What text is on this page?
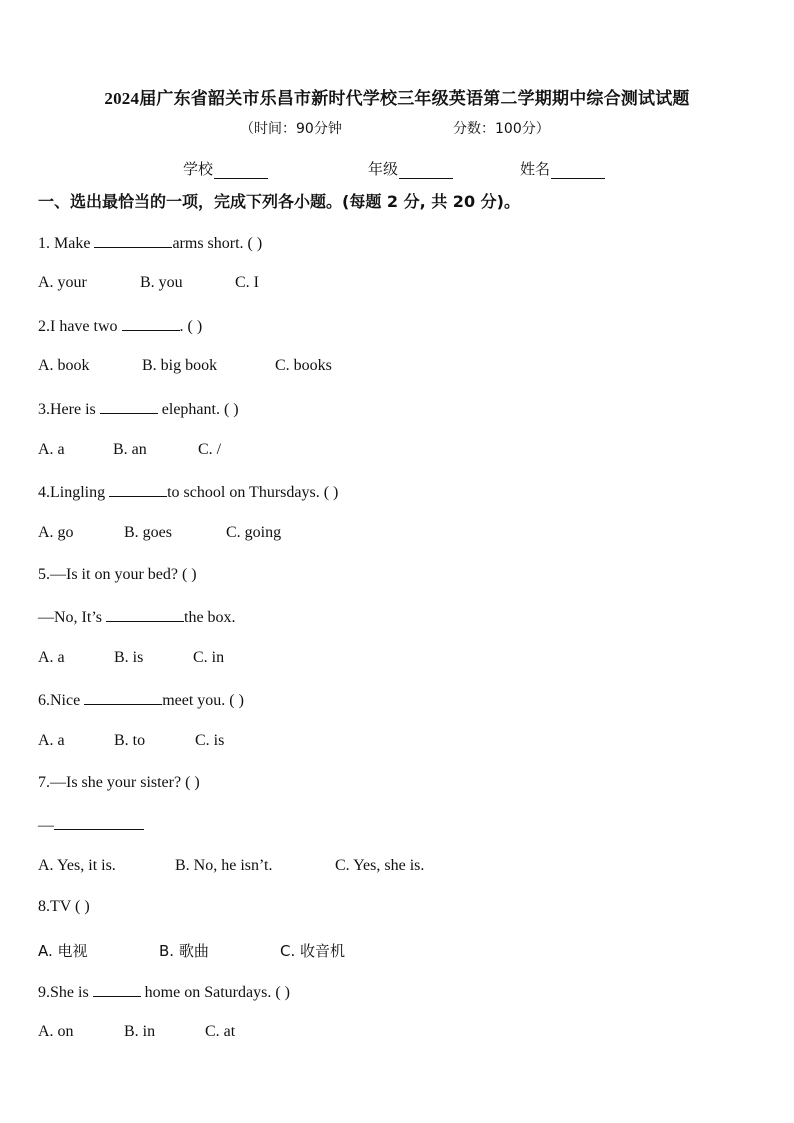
2024届广东省韶关市乐昌市新时代学校三年级英语第二学期期中综合测试试题
（时间：90分钟	分数：100分）
学校	年级	姓名
一、选出最恰当的一项，完成下列各小题。(每题 2 分, 共 20 分)。
1. Make	arms short. ( )
A. your	B. you	C. I
2.I have two	. ( )
A. book	B. big book	C. books
3.Here is	elephant. ( )
A. a	B. an	C. /
4.Lingling	to school on Thursdays. ( )
A. go	B. goes	C. going
5.—Is it on your bed? ( )
—No, It’s	the box.
A. a	B. is	C. in
6.Nice	meet you. ( )
A. a	B. to	C. is
7.—Is she your sister? ( )
—
A. Yes, it is.	B. No, he isn’t.	C. Yes, she is.
8.TV ( )
A. 电视	B. 歌曲	C. 收音机
9.She is	home on Saturdays. ( )
A. on	B. in	C. at
